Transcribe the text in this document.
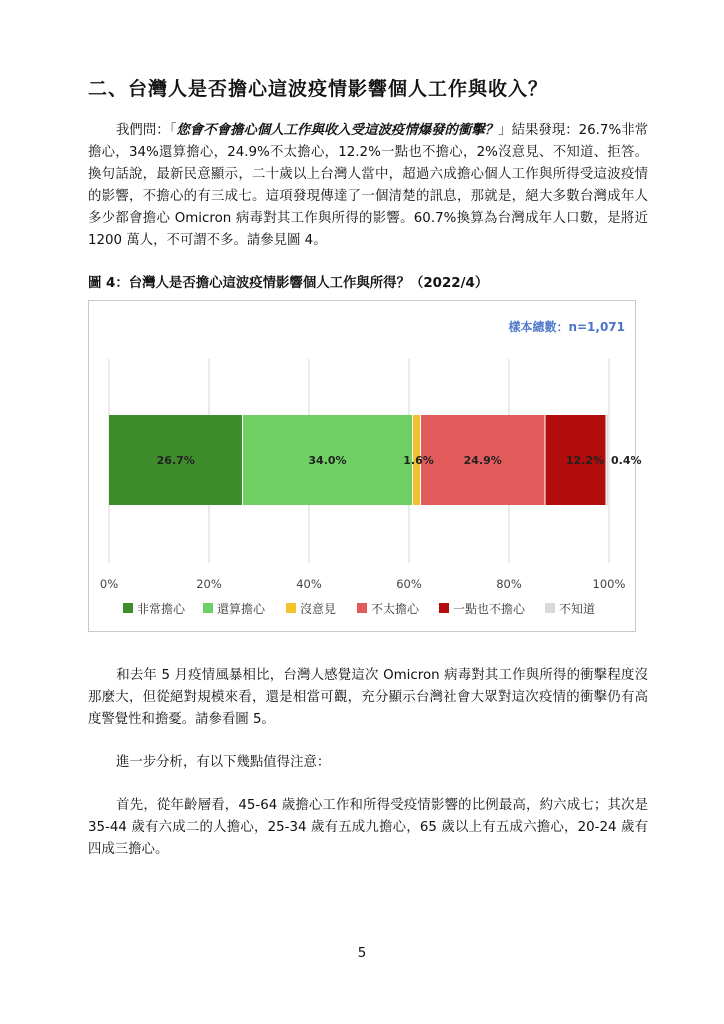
二、台灣人是否擔心這波疫情影響個人工作與收入？
我們問：「您會不會擔心個人工作與收入受這波疫情爆發的衝擊？」結果發現：26.7%非常擔心，34%還算擔心，24.9%不太擔心，12.2%一點也不擔心，2%沒意見、不知道、拒答。換句話說，最新民意顯示，二十歲以上台灣人當中，超過六成擔心個人工作與所得受這波疫情的影響，不擔心的有三成七。這項發現傳達了一個清楚的訊息，那就是，絕大多數台灣成年人多少都會擔心 Omicron 病毒對其工作與所得的影響。60.7%換算為台灣成年人口數，是將近 1200 萬人，不可謂不多。請參見圖 4。
圖 4：台灣人是否擔心這波疫情影響個人工作與所得？（2022/4）
樣本總數：n=1,071
0%	20%	40%	60%	80%	100%
26.7%	34.0%	1.6%	24.9%	12.2% 0.4%
非常擔心	還算擔心	沒意見	不太擔心	一點也不擔心	不知道
和去年 5 月疫情風暴相比，台灣人感覺這次 Omicron 病毒對其工作與所得的衝擊程度沒那麼大，但從絕對規模來看，還是相當可觀，充分顯示台灣社會大眾對這次疫情的衝擊仍有高度警覺性和擔憂。請參看圖 5。
進一步分析，有以下幾點值得注意：
首先，從年齡層看，45-64 歲擔心工作和所得受疫情影響的比例最高，約六成七；其次是 35-44 歲有六成二的人擔心，25-34 歲有五成九擔心，65 歲以上有五成六擔心，20-24 歲有四成三擔心。
5
